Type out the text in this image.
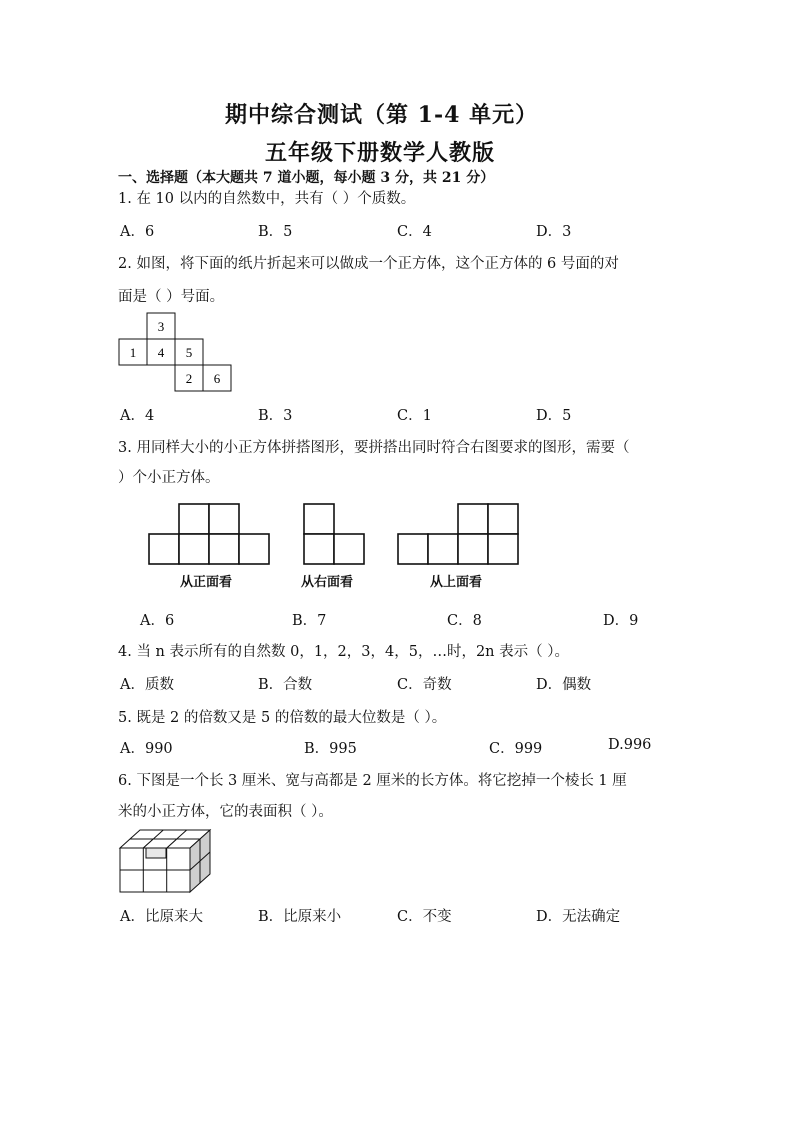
期中综合测试（第 1-4 单元）
五年级下册数学人教版
一、选择题（本大题共 7 道小题，每小题 3 分，共 21 分）
1. 在 10 以内的自然数中，共有（ ）个质数。
A．6	B．5	C．4	D．3
2. 如图，将下面的纸片折起来可以做成一个正方体，这个正方体的 6 号面的对
面是（ ）号面。
3
1 4 5
2 6
A．4	B．3	C．1	D．5
3. 用同样大小的小正方体拼搭图形，要拼搭出同时符合右图要求的图形，需要（
）个小正方体。
从正面看	从右面看	从上面看
A．6	B．7	C．8	D．9
4. 当 n 表示所有的自然数 0，1，2，3，4，5，…时，2n 表示（ ）。
A．质数	B．合数	C．奇数	D．偶数
5. 既是 2 的倍数又是 5 的倍数的最大位数是（ ）。
A．990	B．995	C．999	D.996
6. 下图是一个长 3 厘米、宽与高都是 2 厘米的长方体。将它挖掉一个棱长 1 厘
米的小正方体，它的表面积（ ）。
A．比原来大	B．比原来小	C．不变	D．无法确定
